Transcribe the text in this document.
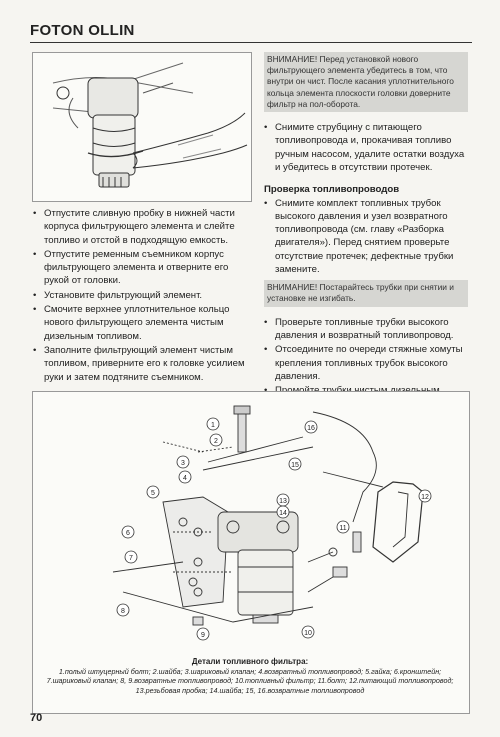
FOTON OLLIN
• Отпустите сливную пробку в нижней части корпуса фильтрующего элемента и слейте топливо и отстой в подходящую емкость.
• Отпустите ременным съемником корпус фильтрующего элемента и отверните его рукой от головки.
• Установите фильтрующий элемент.
• Смочите верхнее уплотнительное кольцо нового фильтрующего элемента чистым дизельным топливом.
• Заполните фильтрующий элемент чистым топливом, приверните его к головке усилием руки и затем подтяните съемником.
ВНИМАНИЕ! Перед установкой нового фильтрующего элемента убедитесь в том, что внутри он чист. После касания уплотнительного кольца элемента плоскости головки доверните фильтр на пол-оборота.
• Снимите струбцину с питающего топливопровода и, прокачивая топливо ручным насосом, удалите остатки воздуха и убедитесь в отсутствии протечек.
Проверка топливопроводов
• Снимите комплект топливных трубок высокого давления и узел возвратного топливопровода (см. главу «Разборка двигателя»). Перед снятием проверьте отсутствие протечек; дефектные трубки замените.
ВНИМАНИЕ! Постарайтесь трубки при снятии и установке не изгибать.
• Проверьте топливные трубки высокого давления и возвратный топливопровод.
• Отсоедините по очереди стяжные хомуты крепления топливных трубок высокого давления.
1
2
3
4
5
6
7
8
9	10
11
12
13
14
15
16
Детали топливного фильтра:
1.полый штуцерный болт; 2.шайба; 3.шариковый клапан; 4.возвратный топливопровод; 5.гайка; 6.кронштейн;
7.шариковый клапан; 8, 9.возвратные топливопровод; 10.топливный фильтр; 11.болт; 12.питающий топливопровод;
13.резьбовая пробка; 14.шайба; 15, 16.возвратные топливопровод
70
